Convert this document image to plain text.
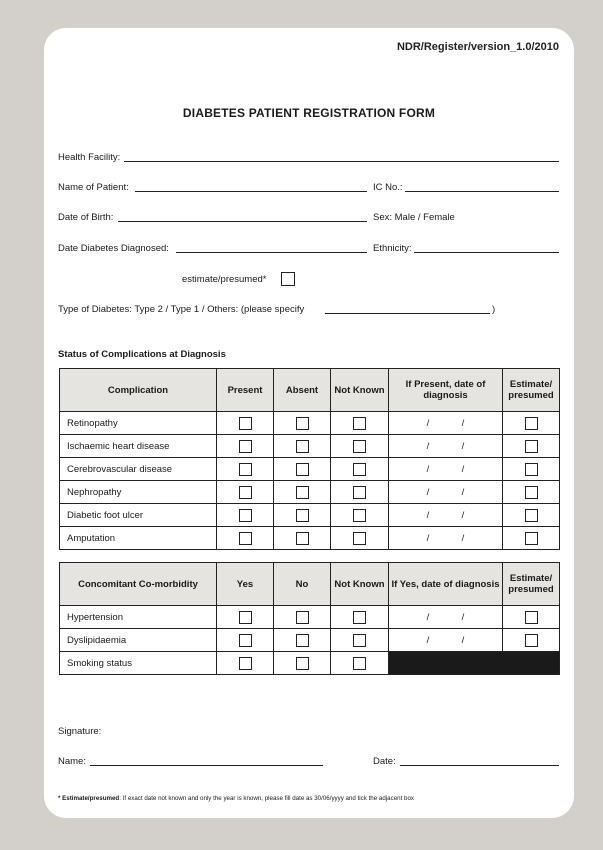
NDR/Register/version_1.0/2010
DIABETES PATIENT REGISTRATION FORM
Health Facility:
Name of Patient:	IC No.:
Date of Birth:	Sex: Male / Female
Date Diabetes Diagnosed:	Ethnicity:
estimate/presumed*
Type of Diabetes: Type 2 / Type 1 / Others: (please specify	)
Status of Complications at Diagnosis
Complication	Present	Absent	Not Known	If Present, date of diagnosis	Estimate/ presumed
Retinopathy				/ /	
Ischaemic heart disease				/ /	
Cerebrovascular disease				/ /	
Nephropathy				/ /	
Diabetic foot ulcer				/ /	
Amputation				/ /	
Concomitant Co-morbidity	Yes	No	Not Known	If Yes, date of diagnosis	Estimate/ presumed
Hypertension				/ /	
Dyslipidaemia				/ /	
Smoking status					
Signature:
Name:	Date:
* Estimate/presumed: If exact date not known and only the year is known, please fill date as 30/06/yyyy and tick the adjacent box
